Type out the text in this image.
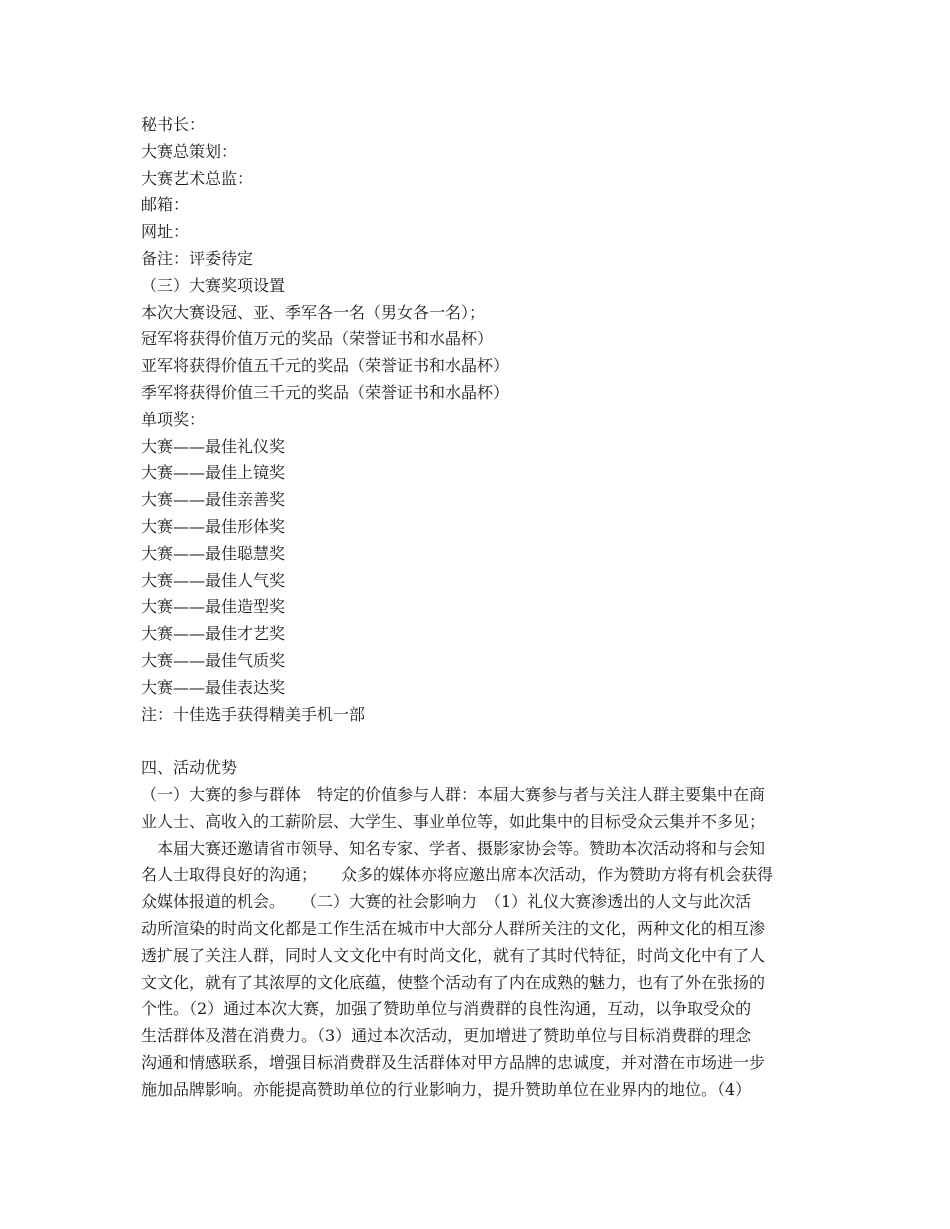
秘书长：
大赛总策划：
大赛艺术总监：
邮箱：
网址：
备注：评委待定
（三）大赛奖项设置
本次大赛设冠、亚、季军各一名（男女各一名）；
冠军将获得价值万元的奖品（荣誉证书和水晶杯）
亚军将获得价值五千元的奖品（荣誉证书和水晶杯）
季军将获得价值三千元的奖品（荣誉证书和水晶杯）
单项奖：
大赛——最佳礼仪奖
大赛——最佳上镜奖
大赛——最佳亲善奖
大赛——最佳形体奖
大赛——最佳聪慧奖
大赛——最佳人气奖
大赛——最佳造型奖
大赛——最佳才艺奖
大赛——最佳气质奖
大赛——最佳表达奖
注：十佳选手获得精美手机一部
四、活动优势
（一）大赛的参与群体　特定的价值参与人群：本届大赛参与者与关注人群主要集中在商
业人士、高收入的工薪阶层、大学生、事业单位等，如此集中的目标受众云集并不多见；
　本届大赛还邀请省市领导、知名专家、学者、摄影家协会等。赞助本次活动将和与会知
名人士取得良好的沟通；　　众多的媒体亦将应邀出席本次活动，作为赞助方将有机会获得
众媒体报道的机会。　　（二）大赛的社会影响力　（1）礼仪大赛渗透出的人文与此次活
动所渲染的时尚文化都是工作生活在城市中大部分人群所关注的文化，两种文化的相互渗
透扩展了关注人群，同时人文文化中有时尚文化，就有了其时代特征，时尚文化中有了人
文文化，就有了其浓厚的文化底蕴，使整个活动有了内在成熟的魅力，也有了外在张扬的
个性。（2）通过本次大赛，加强了赞助单位与消费群的良性沟通，互动，以争取受众的
生活群体及潜在消费力。（3）通过本次活动，更加增进了赞助单位与目标消费群的理念
沟通和情感联系，增强目标消费群及生活群体对甲方品牌的忠诚度，并对潜在市场进一步
施加品牌影响。亦能提高赞助单位的行业影响力，提升赞助单位在业界内的地位。（4）
